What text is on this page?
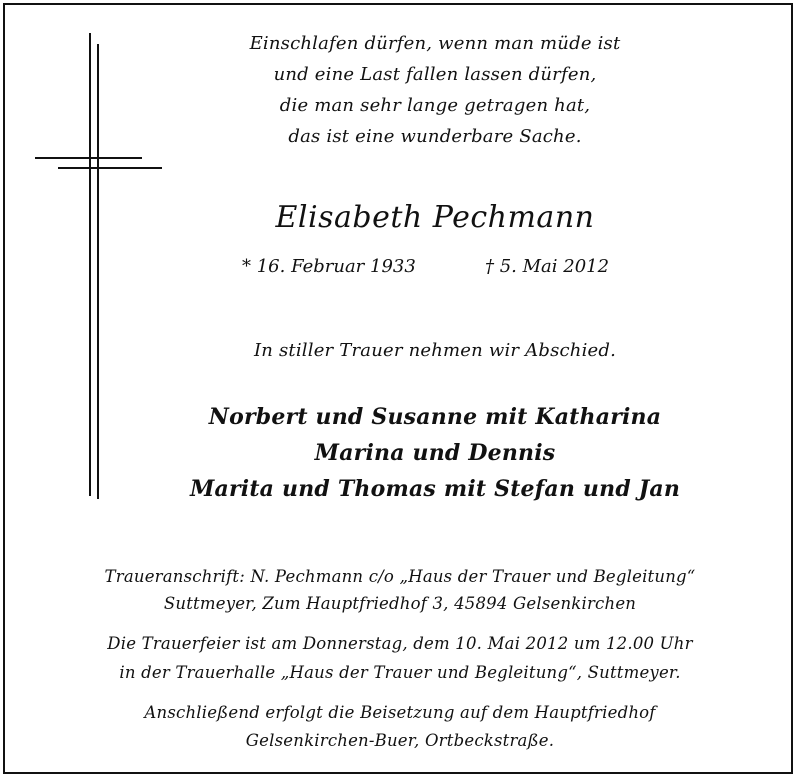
Einschlafen dürfen, wenn man müde ist
und eine Last fallen lassen dürfen,
die man sehr lange getragen hat,
das ist eine wunderbare Sache.
Elisabeth Pechmann
* 16. Februar 1933	† 5. Mai 2012
In stiller Trauer nehmen wir Abschied.
Norbert und Susanne mit Katharina
Marina und Dennis
Marita und Thomas mit Stefan und Jan
Traueranschrift: N. Pechmann c/o „Haus der Trauer und Begleitung“
Suttmeyer, Zum Hauptfriedhof 3, 45894 Gelsenkirchen
Die Trauerfeier ist am Donnerstag, dem 10. Mai 2012 um 12.00 Uhr
in der Trauerhalle „Haus der Trauer und Begleitung“, Suttmeyer.
Anschließend erfolgt die Beisetzung auf dem Hauptfriedhof
Gelsenkirchen-Buer, Ortbeckstraße.
